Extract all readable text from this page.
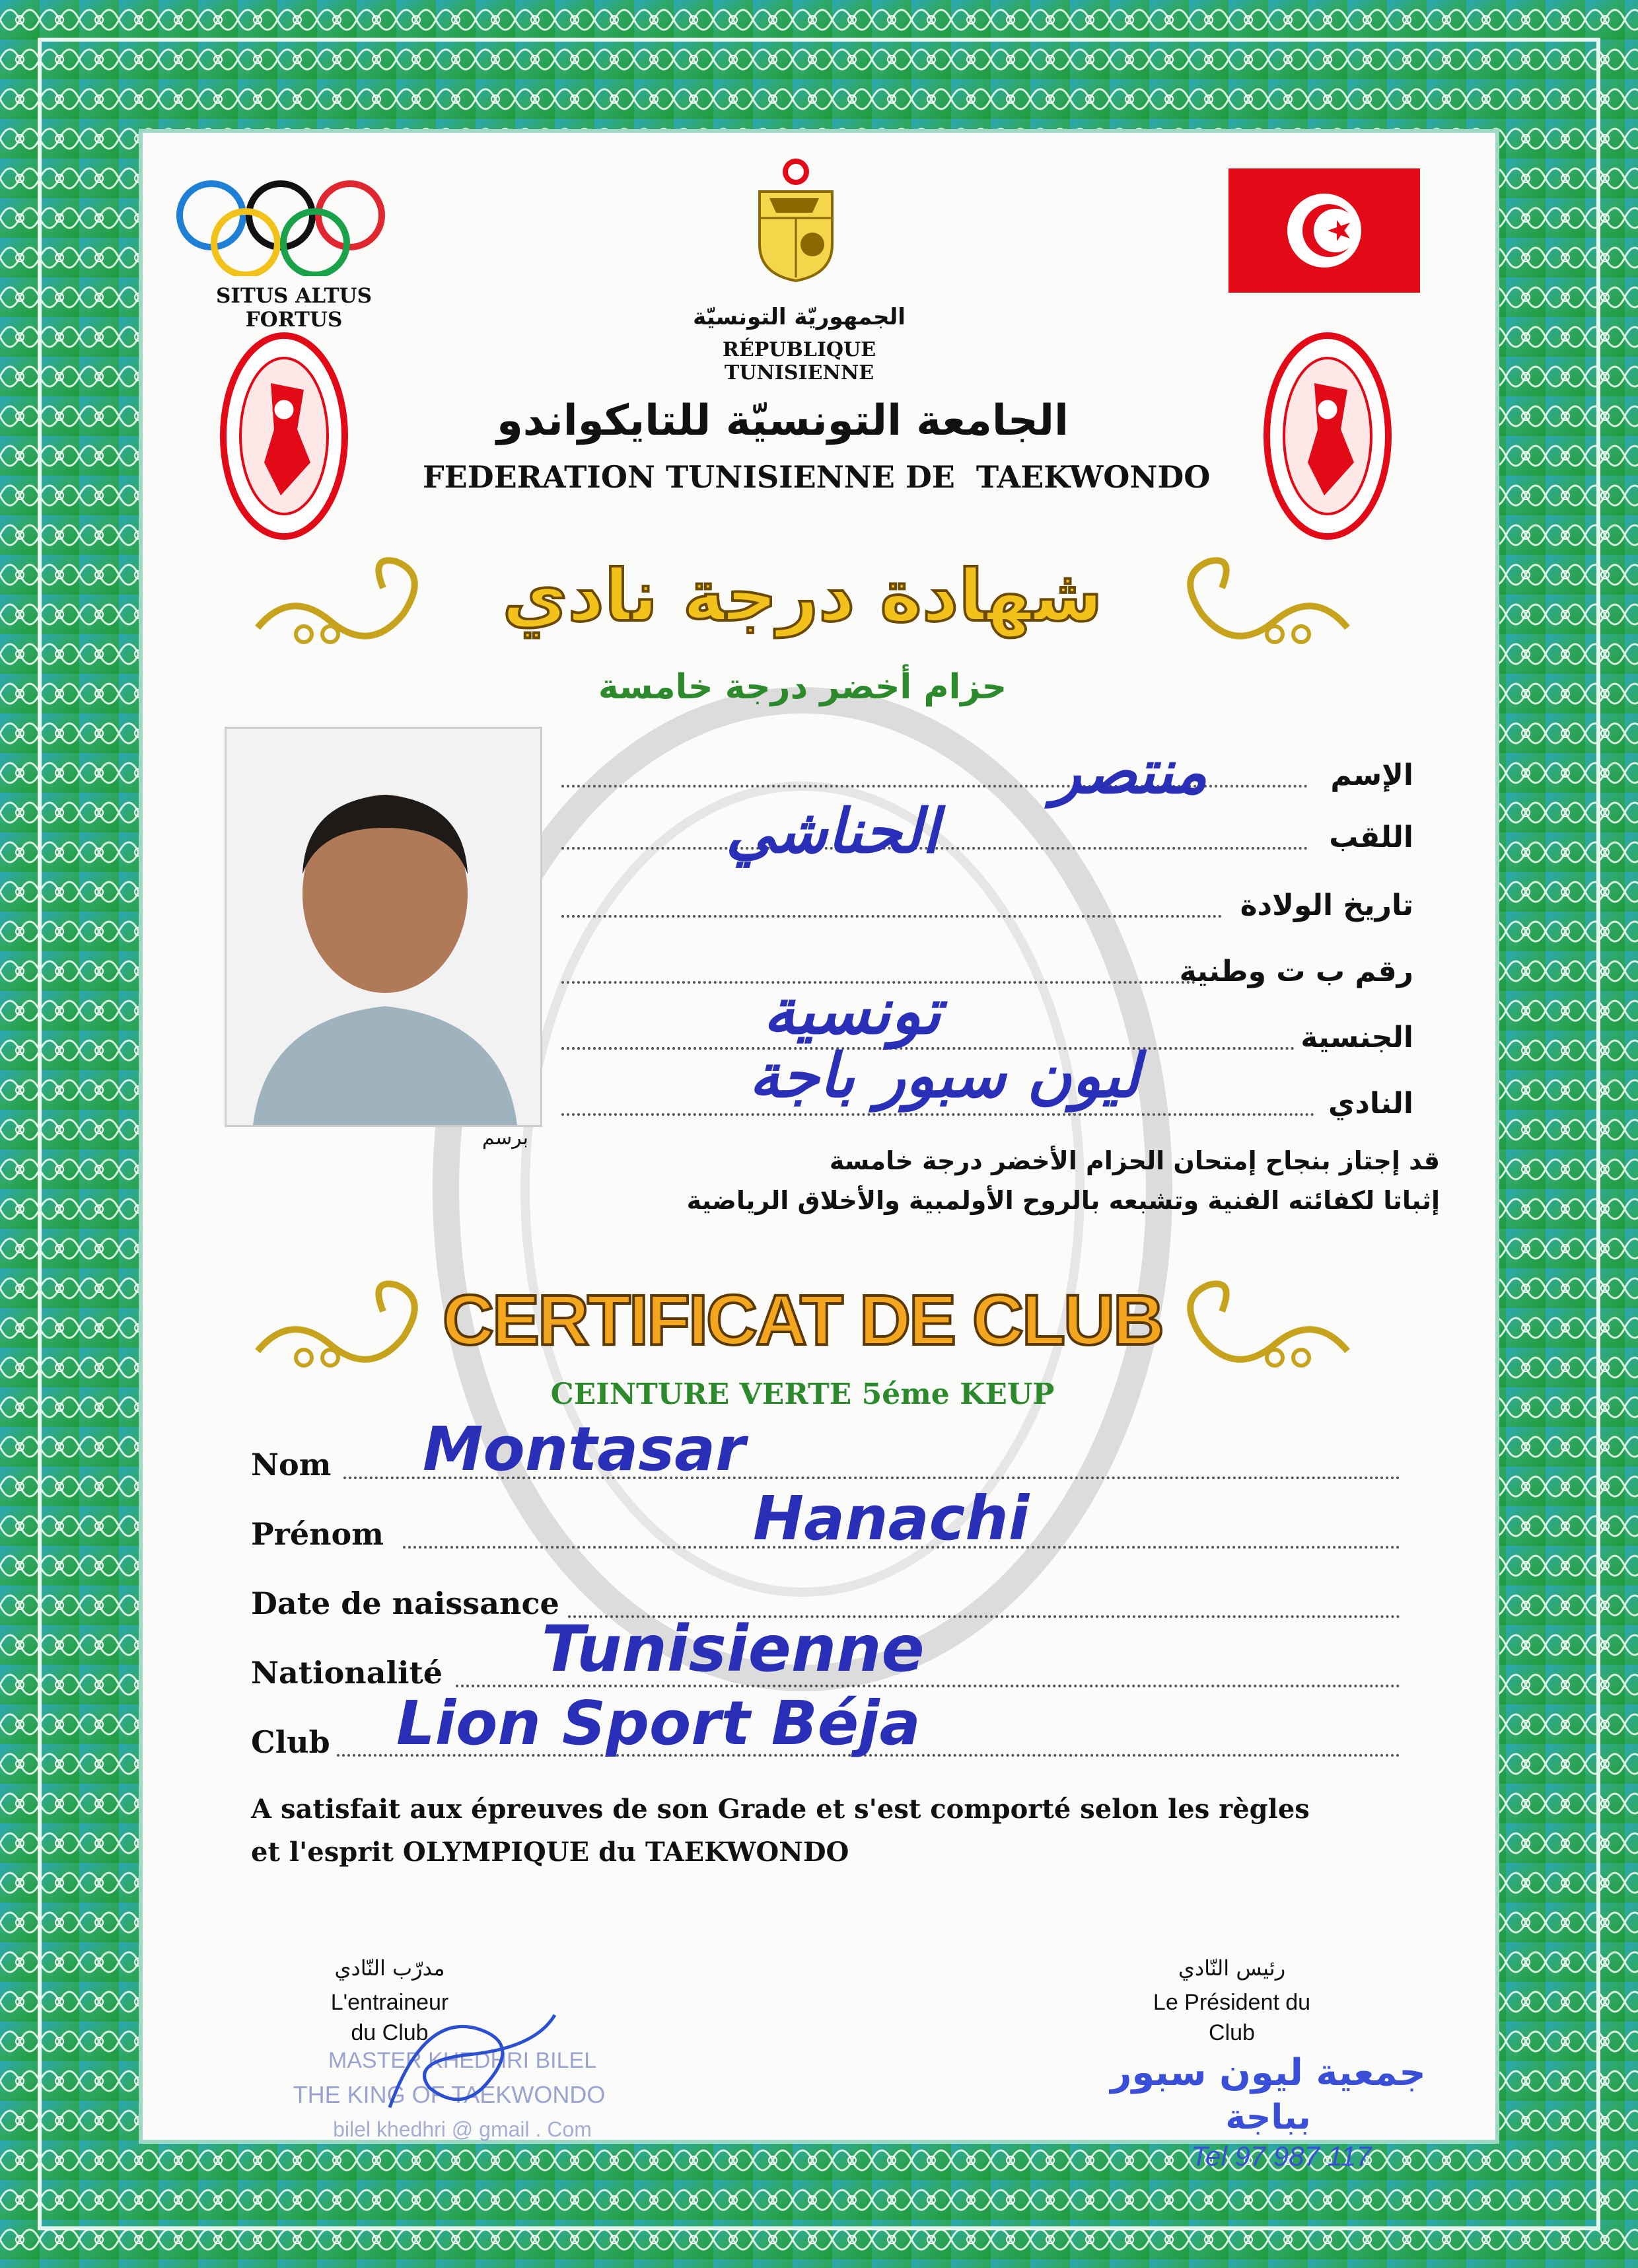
SITUS ALTUS FORTUS	الجمهوريّة التونسيّة
RÉPUBLIQUE TUNISIENNE
الجامعة التونسيّة للتايكواندو
FEDERATION TUNISIENNE DE  TAEKWONDO
شهادة درجة نادي
حزام أخضر درجة خامسة
برسم
الإسم
منتصر
اللقب
الحناشي
تاريخ الولادة
رقم ب ت وطنية
الجنسية
تونسية
النادي
ليون سبور باجة
قد إجتاز بنجاح إمتحان الحزام الأخضر درجة خامسة
إثباتا لكفائته الفنية وتشبعه بالروح الأولمبية والأخلاق الرياضية
CERTIFICAT DE CLUB
CEINTURE VERTE 5éme KEUP
Nom Montasar
Prénom	Hanachi
Date de naissance
Nationalité Tunisienne
Club Lion Sport Béja
A satisfait aux épreuves de son Grade et s'est comporté selon les règles
et l'esprit OLYMPIQUE du TAEKWONDO
مدرّب النّادي
L'entraineur
du Club
MASTER KHEDHRI BILEL
THE KING OF TAEKWONDO
bilel khedhri @ gmail . Com
رئيس النّادي
Le Président du
Club
جمعية ليون سبور
بباجة
Tel 97 987 117
